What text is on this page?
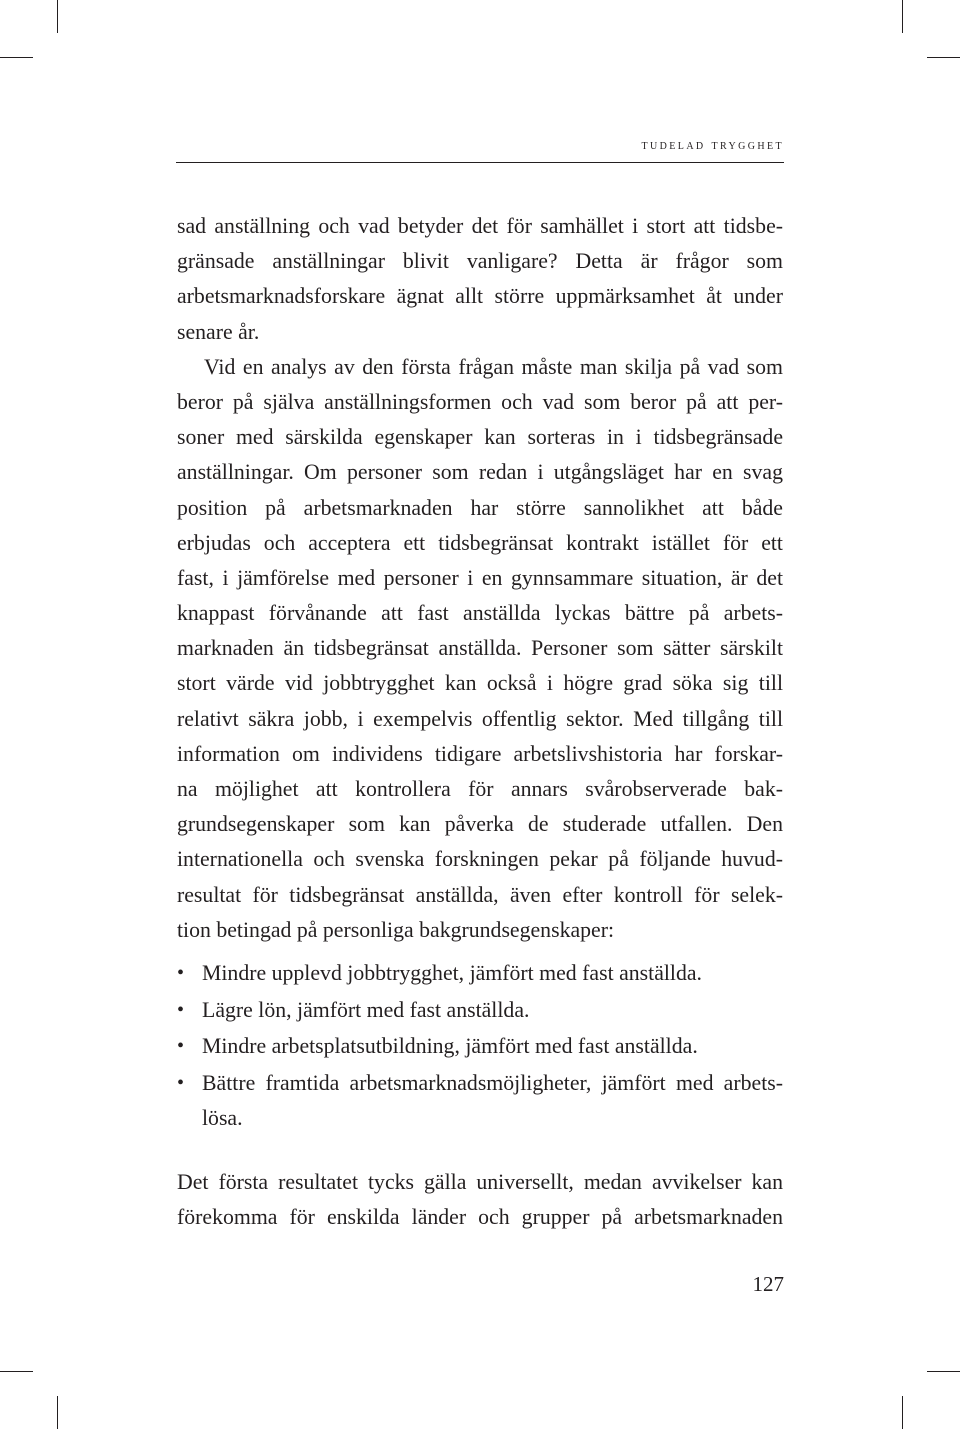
tudelad trygghet
sad anställning och vad betyder det för samhället i stort att tidsbe-
gränsade anställningar blivit vanligare? Detta är frågor som
arbetsmarknadsforskare ägnat allt större uppmärksamhet åt under
senare år.
Vid en analys av den första frågan måste man skilja på vad som
beror på själva anställningsformen och vad som beror på att per-
soner med särskilda egenskaper kan sorteras in i tidsbegränsade
anställningar. Om personer som redan i utgångsläget har en svag
position på arbetsmarknaden har större sannolikhet att både
erbjudas och acceptera ett tidsbegränsat kontrakt istället för ett
fast, i jämförelse med personer i en gynnsammare situation, är det
knappast förvånande att fast anställda lyckas bättre på arbets-
marknaden än tidsbegränsat anställda. Personer som sätter särskilt
stort värde vid jobbtrygghet kan också i högre grad söka sig till
relativt säkra jobb, i exempelvis offentlig sektor. Med tillgång till
information om individens tidigare arbetslivshistoria har forskar-
na möjlighet att kontrollera för annars svårobserverade bak-
grundsegenskaper som kan påverka de studerade utfallen. Den
internationella och svenska forskningen pekar på följande huvud-
resultat för tidsbegränsat anställda, även efter kontroll för selek-
tion betingad på personliga bakgrundsegenskaper:
• Mindre upplevd jobbtrygghet, jämfört med fast anställda.
• Lägre lön, jämfört med fast anställda.
• Mindre arbetsplatsutbildning, jämfört med fast anställda.
• Bättre framtida arbetsmarknadsmöjligheter, jämfört med arbets-
lösa.
Det första resultatet tycks gälla universellt, medan avvikelser kan
förekomma för enskilda länder och grupper på arbetsmarknaden
127
